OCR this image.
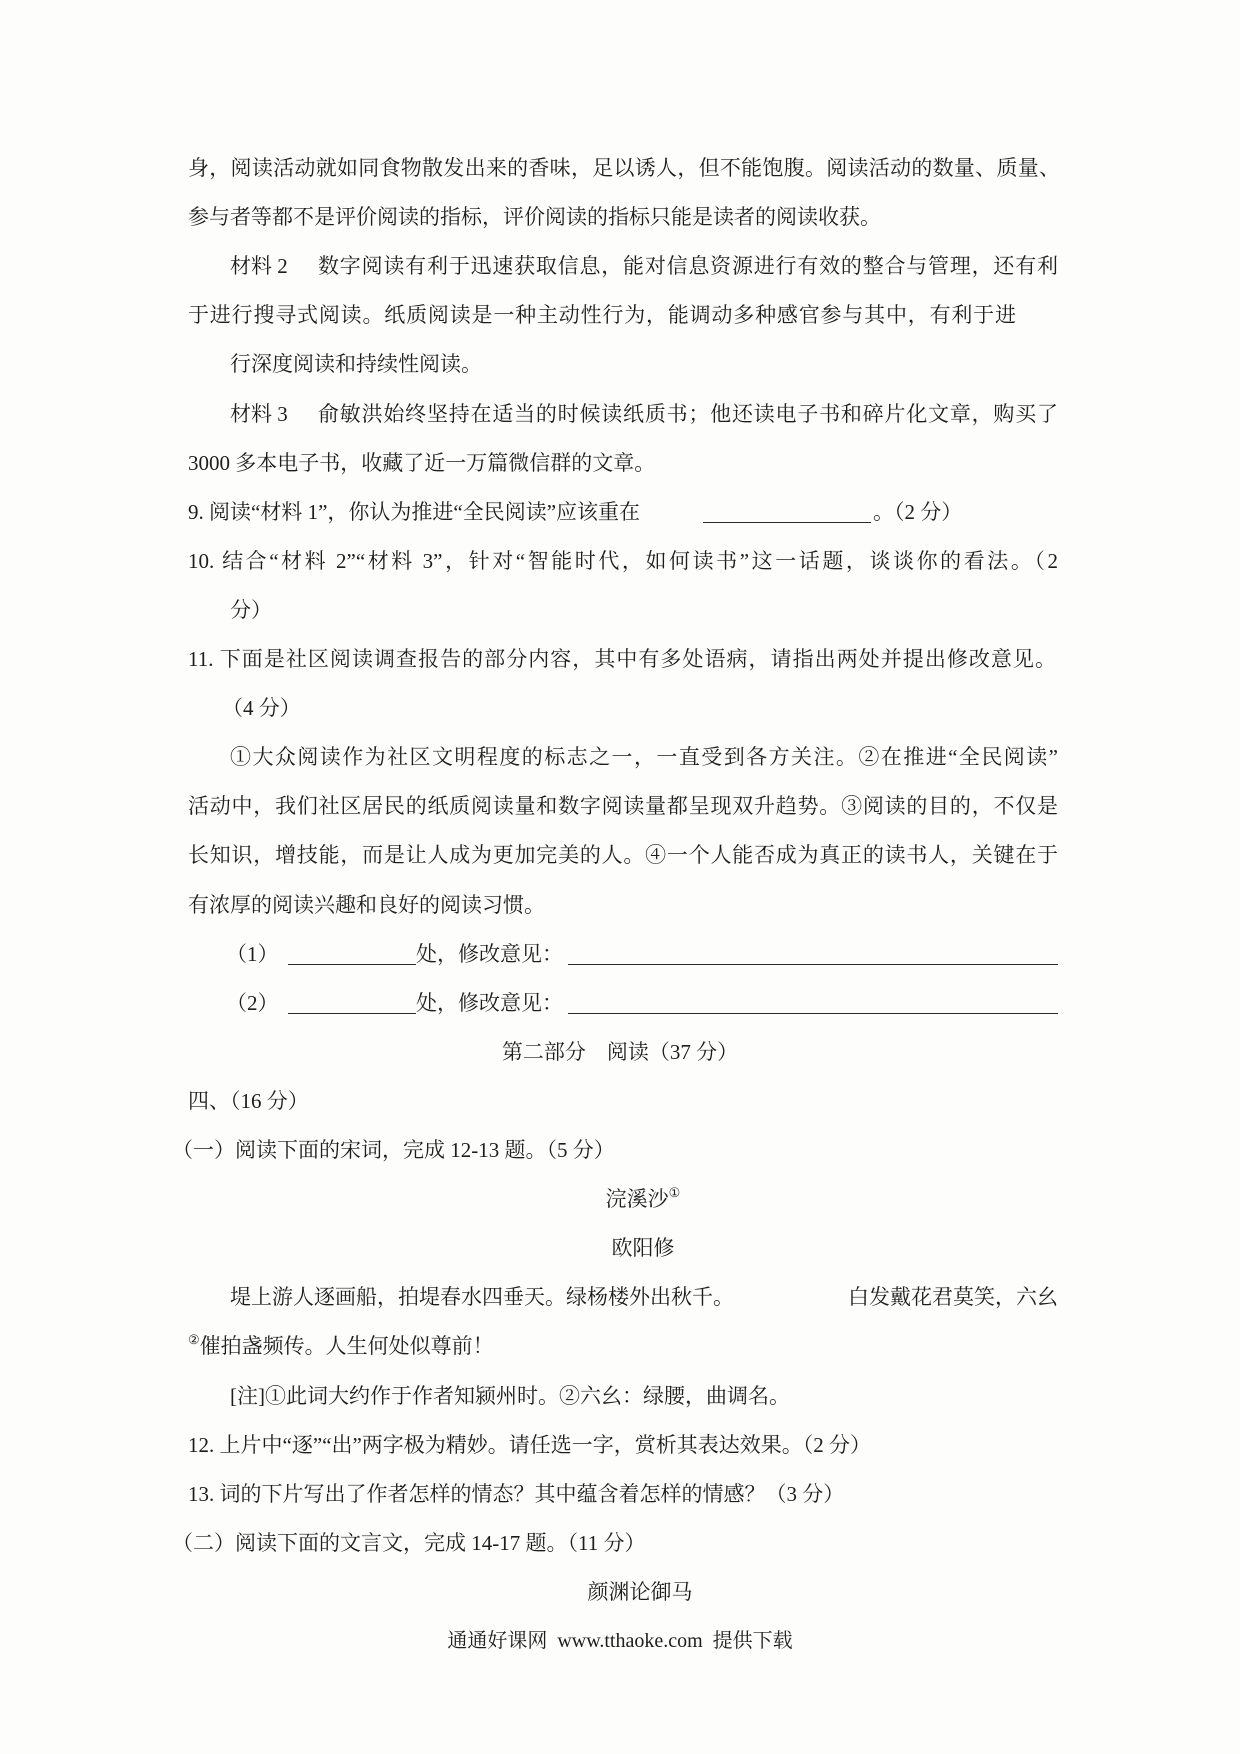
身，阅读活动就如同食物散发出来的香味，足以诱人，但不能饱腹。阅读活动的数量、质量、
参与者等都不是评价阅读的指标，评价阅读的指标只能是读者的阅读收获。
材料 2 数字阅读有利于迅速获取信息，能对信息资源进行有效的整合与管理，还有利
于进行搜寻式阅读。纸质阅读是一种主动性行为，能调动多种感官参与其中，有利于进
行深度阅读和持续性阅读。
材料 3 俞敏洪始终坚持在适当的时候读纸质书；他还读电子书和碎片化文章，购买了
3000 多本电子书，收藏了近一万篇微信群的文章。
9. 阅读“材料 1”，你认为推进“全民阅读”应该重在	。（2 分）
10. 结合“材料 2”“材料 3”，针对“智能时代，如何读书”这一话题，谈谈你的看法。（2
分）
11. 下面是社区阅读调查报告的部分内容，其中有多处语病，请指出两处并提出修改意见。
（4 分）
①大众阅读作为社区文明程度的标志之一，一直受到各方关注。②在推进“全民阅读”
活动中，我们社区居民的纸质阅读量和数字阅读量都呈现双升趋势。③阅读的目的，不仅是
长知识，增技能，而是让人成为更加完美的人。④一个人能否成为真正的读书人，关键在于
有浓厚的阅读兴趣和良好的阅读习惯。
（1）	处，修改意见：
（2）	处，修改意见：
第二部分　阅读（37 分）
四、（16 分）
（一）阅读下面的宋词，完成 12-13 题。（5 分）
浣溪沙①
欧阳修
堤上游人逐画船，拍堤春水四垂天。绿杨楼外出秋千。	白发戴花君莫笑，六幺
②催拍盏频传。人生何处似尊前！
[注]①此词大约作于作者知颍州时。②六幺：绿腰，曲调名。
12. 上片中“逐”“出”两字极为精妙。请任选一字，赏析其表达效果。（2 分）
13. 词的下片写出了作者怎样的情态？其中蕴含着怎样的情感？（3 分）
（二）阅读下面的文言文，完成 14-17 题。（11 分）
颜渊论御马
通通好课网  www.tthaoke.com  提供下载
